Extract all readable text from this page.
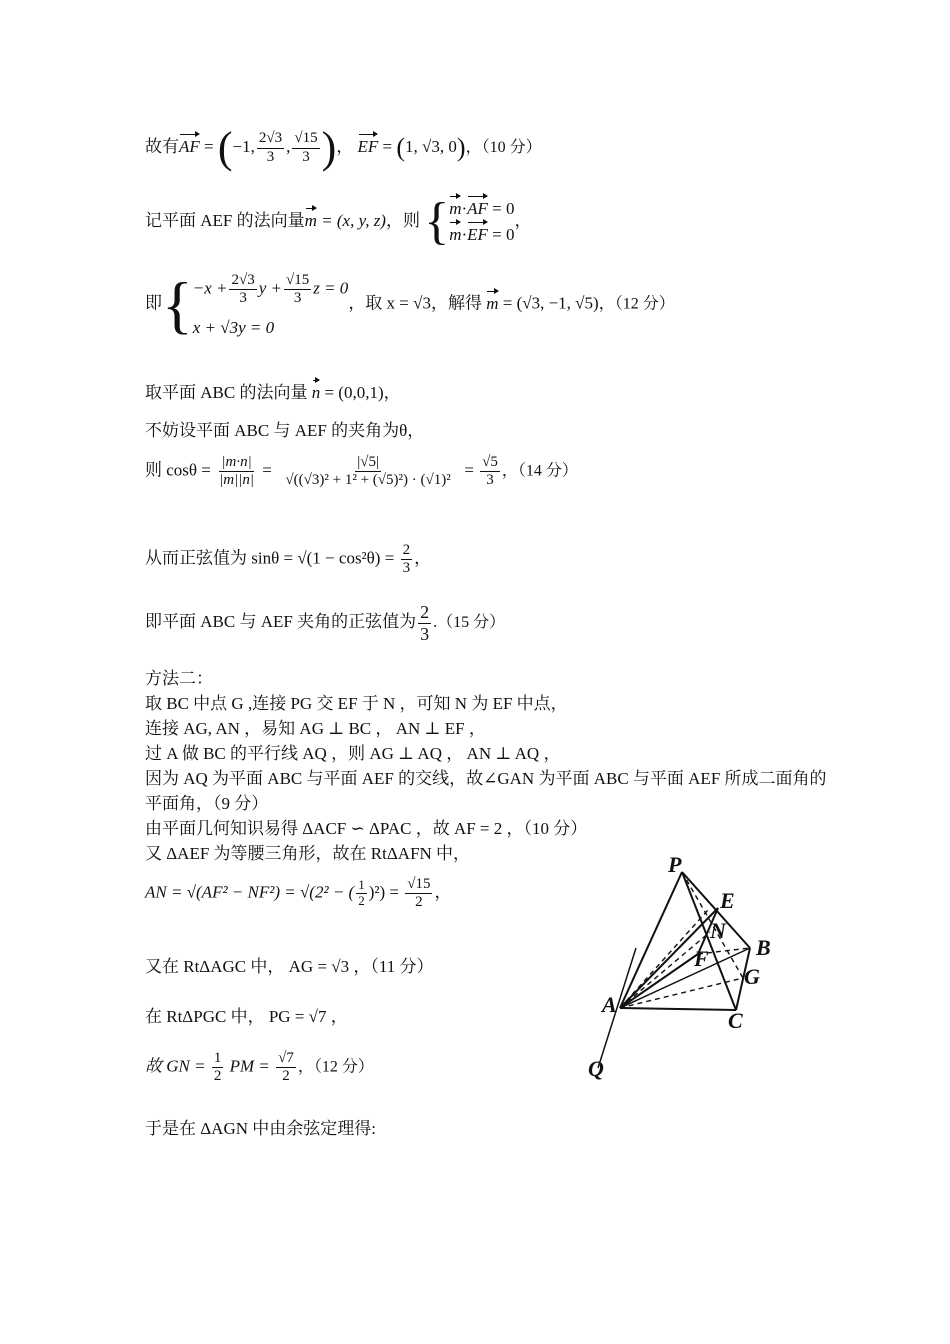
故有AF = (−1, $\frac{2√3}{3}$ , $\frac{√15}{3}$ )， EF = (1, √3, 0)，（10 分）
记平面 AEF 的法向量m = (x, y, z)，则 { m·AF = 0
m·EF = 0
，
即{ $-x + \frac{2√3}{3}$ $y + \frac{√15}{3}$ z = 0
x + √3y = 0
，取 x = √3，解得 m = (√3, −1, √5)，（12 分）
取平面 ABC 的法向量 n = (0,0,1)，
不妨设平面 ABC 与 AEF 的夹角为θ，
则 $\cos\theta = \frac{|m\cdot n|}{|m||n|} = \frac{|√5|}{\text{√((√3)² + 1² + (√5)²) · (√1)²}} = \frac{√5}{3}$ ，（14 分）
从而正弦值为 $\sin\theta = √(1 - \cos^2\theta) = \frac{2}{3}$ ，
即平面 ABC 与 AEF 夹角的正弦值为 $\frac{2}{3} .(15$ 分）
方法二：
取 BC 中点 G ,连接 PG 交 EF 于 N ，可知 N 为 EF 中点，
连接 AG, AN ，易知 AG ⊥ BC ， AN ⊥ EF ，
过 A 做 BC 的平行线 AQ ，则 AG ⊥ AQ ， AN ⊥ AQ ，
因为 AQ 为平面 ABC 与平面 AEF 的交线，故∠GAN 为平面 ABC 与平面 AEF 所成二面角的
平面角，（9 分）
由平面几何知识易得 ΔACF ∽ ΔPAC ，故 AF = 2 ，（10 分）
又 ΔAEF 为等腰三角形，故在 RtΔAFN 中，
AN = √(AF² − NF²) = √(2² − ( $\frac{1}{2} )^2) = \frac{√15}{2}$ ，
又在 RtΔAGC 中， AG = √3 ，（11 分）
在 RtΔPGC 中， PG = √7 ，
故 GN = $\frac{1}{2}$ PM = $\frac{√7}{2}$ ，（12 分）
于是在 ΔAGN 中由余弦定理得:
P
E
N
B
F
G
A
C
Q
